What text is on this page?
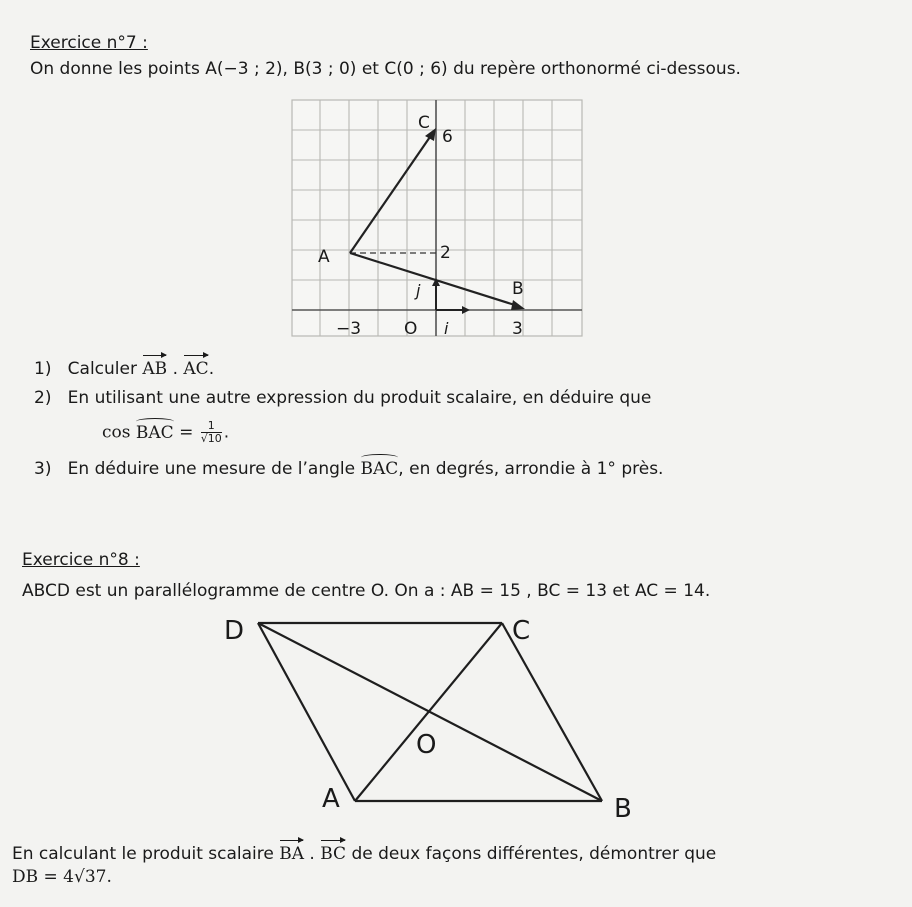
Exercice n°7 :
On donne les points A(−3 ; 2), B(3 ; 0) et C(0 ; 6) du repère orthonormé ci-dessous.
C
6
A	2
j	B
−3	O i	3
1) Calculer AB . AC.
2) En utilisant une autre expression du produit scalaire, en déduire que
cos BAC = $\frac{1}{√10}$ .
3) En déduire une mesure de l’angle BAC, en degrés, arrondie à 1° près.
Exercice n°8 :
ABCD est un parallélogramme de centre O. On a : AB = 15 , BC = 13 et AC = 14.
D	C
O
A	B
En calculant le produit scalaire BA . BC de deux façons différentes, démontrer que
DB = 4√37.
